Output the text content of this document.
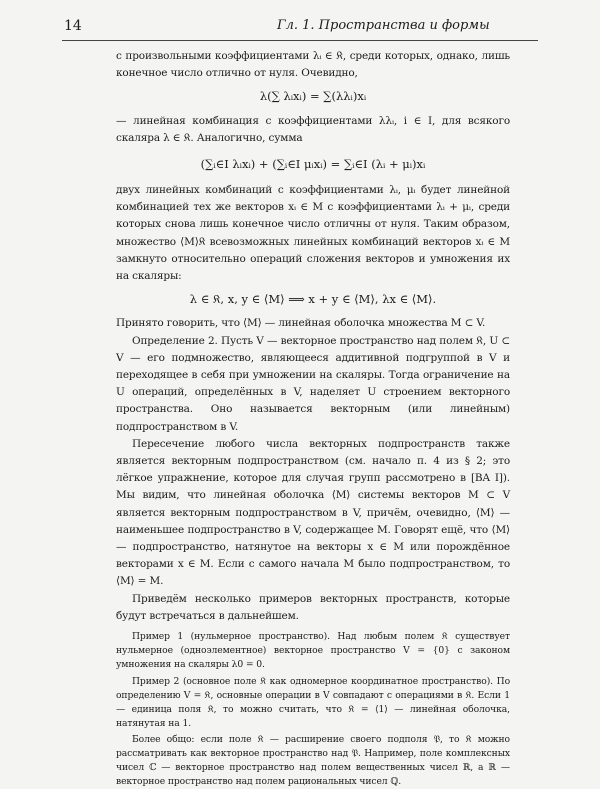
14	Гл. 1. Пространства и формы

с произвольными коэффициентами λᵢ ∈ 𝔎, среди которых, однако, лишь конечное число отлично от нуля. Очевидно,

λ(∑ λᵢxᵢ) = ∑(λλᵢ)xᵢ

— линейная комбинация с коэффициентами λλᵢ, i ∈ I, для всякого скаляра λ ∈ 𝔎. Аналогично, сумма

(∑ᵢ∈I λᵢxᵢ) + (∑ᵢ∈I μᵢxᵢ) = ∑ᵢ∈I (λᵢ + μᵢ)xᵢ

двух линейных комбинаций с коэффициентами λᵢ, μᵢ будет линейной комбинацией тех же векторов xᵢ ∈ M с коэффициентами λᵢ + μᵢ, среди которых снова лишь конечное число отличны от нуля. Таким образом, множество ⟨M⟩𝔎 всевозможных линейных комбинаций векторов xᵢ ∈ M замкнуто относительно операций сложения векторов и умножения их на скаляры:

λ ∈ 𝔎, x, y ∈ ⟨M⟩ ⟹ x + y ∈ ⟨M⟩, λx ∈ ⟨M⟩.

Принято говорить, что ⟨M⟩ — линейная оболочка множества M ⊂ V.

Определение 2. Пусть V — векторное пространство над полем 𝔎, U ⊂ V — его подмножество, являющееся аддитивной подгруппой в V и переходящее в себя при умножении на скаляры. Тогда ограничение на U операций, определённых в V, наделяет U строением векторного пространства. Оно называется векторным (или линейным) подпространством в V.

Пересечение любого числа векторных подпространств также является векторным подпространством (см. начало п. 4 из § 2; это лёгкое упражнение, которое для случая групп рассмотрено в [BA I]). Мы видим, что линейная оболочка ⟨M⟩ системы векторов M ⊂ V является векторным подпространством в V, причём, очевидно, ⟨M⟩ — наименьшее подпространство в V, содержащее M. Говорят ещё, что ⟨M⟩ — подпространство, натянутое на векторы x ∈ M или порождённое векторами x ∈ M. Если с самого начала M было подпространством, то ⟨M⟩ = M.

Приведём несколько примеров векторных пространств, которые будут встречаться в дальнейшем.

Пример 1 (нульмерное пространство). Над любым полем 𝔎 существует нульмерное (одноэлементное) векторное пространство V = {0} с законом умножения на скаляры λ0 = 0.

Пример 2 (основное поле 𝔎 как одномерное координатное пространство). По определению V = 𝔎, основные операции в V совпадают с операциями в 𝔎. Если 1 — единица поля 𝔎, то можно считать, что 𝔎 = ⟨1⟩ — линейная оболочка, натянутая на 1.

Более общо: если поле 𝔎 — расширение своего подполя 𝔓, то 𝔎 можно рассматривать как векторное пространство над 𝔓. Например, поле комплексных чисел ℂ — векторное пространство над полем вещественных чисел ℝ, а ℝ — векторное пространство над полем рациональных чисел ℚ.
